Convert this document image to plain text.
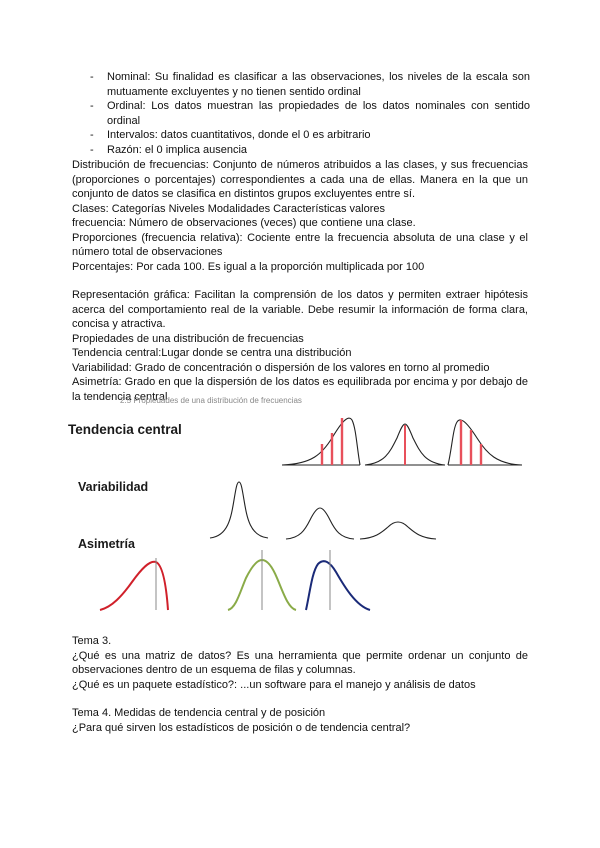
- Nominal: Su finalidad es clasificar a las observaciones, los niveles de la escala son mutuamente excluyentes y no tienen sentido ordinal
- Ordinal: Los datos muestran las propiedades de los datos nominales con sentido ordinal
- Intervalos: datos cuantitativos, donde el 0 es arbitrario
- Razón: el 0 implica ausencia

Distribución de frecuencias: Conjunto de números atribuidos a las clases, y sus frecuencias (proporciones o porcentajes) correspondientes a cada una de ellas. Manera en la que un conjunto de datos se clasifica en distintos grupos excluyentes entre sí.

Clases: Categorías Niveles Modalidades Características valores

frecuencia: Número de observaciones (veces) que contiene una clase.

Proporciones (frecuencia relativa): Cociente entre la frecuencia absoluta de una clase y el número total de observaciones

Porcentajes: Por cada 100. Es igual a la proporción multiplicada por 100

Representación gráfica: Facilitan la comprensión de los datos y permiten extraer hipótesis acerca del comportamiento real de la variable. Debe resumir la información de forma clara, concisa y atractiva.

Propiedades de una distribución de frecuencias

Tendencia central:Lugar donde se centra una distribución

Variabilidad: Grado de concentración o dispersión de los valores en torno al promedio

Asimetría: Grado en que la dispersión de los datos es equilibrada por encima y por debajo de la tendencia central

2.5 Propiedades de una distribución de frecuencias
Tendencia central
Variabilidad
Asimetría

Tema 3.

¿Qué es una matriz de datos? Es una herramienta que permite ordenar un conjunto de observaciones dentro de un esquema de filas y columnas.

¿Qué es un paquete estadístico?: ...un software para el manejo y análisis de datos

Tema 4. Medidas de tendencia central y de posición

¿Para qué sirven los estadísticos de posición o de tendencia central?
